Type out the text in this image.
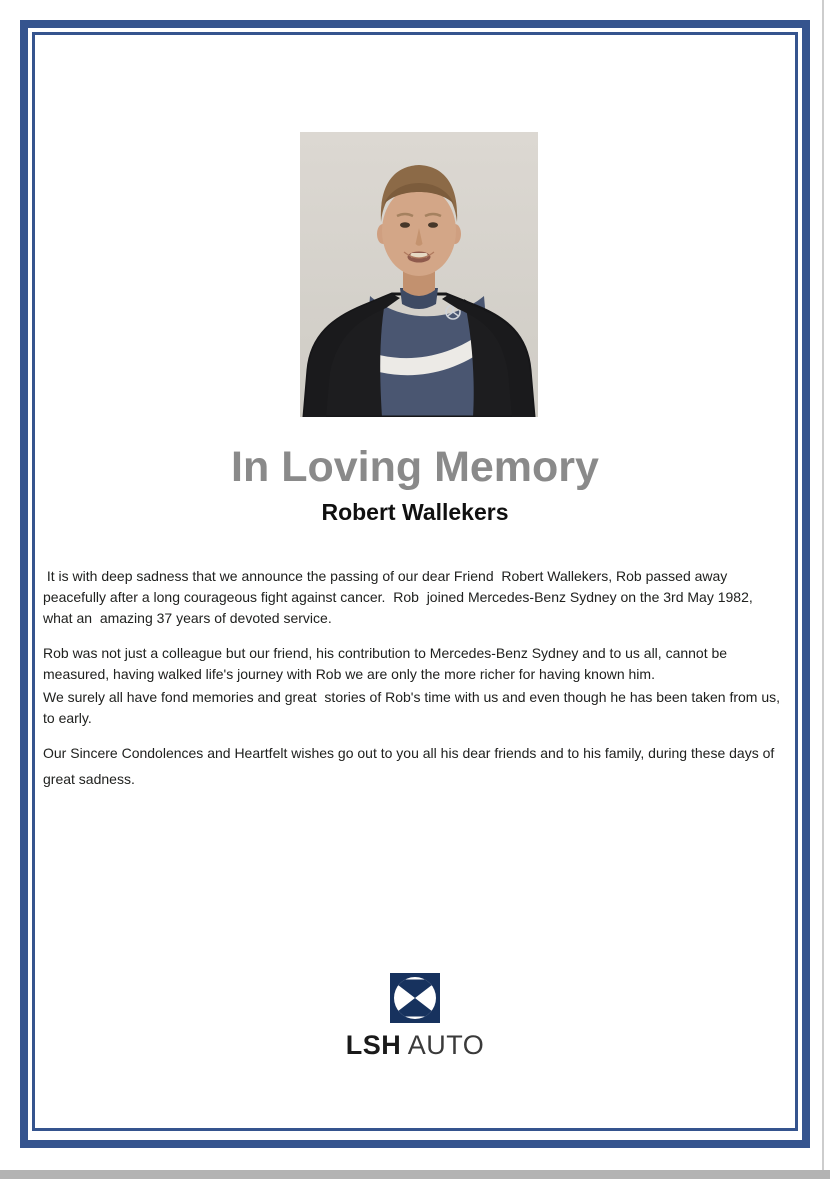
In Loving Memory
Robert Wallekers

It is with deep sadness that we announce the passing of our dear Friend  Robert Wallekers, Rob passed away peacefully after a long courageous fight against cancer.  Rob  joined Mercedes-Benz Sydney on the 3rd May 1982, what an  amazing 37 years of devoted service.

Rob was not just a colleague but our friend, his contribution to Mercedes-Benz Sydney and to us all, cannot be measured, having walked life's journey with Rob we are only the more richer for having known him.

We surely all have fond memories and great  stories of Rob's time with us and even though he has been taken from us, to early.

Our Sincere Condolences and Heartfelt wishes go out to you all his dear friends and to his family, during these days of great sadness.

LSH AUTO
